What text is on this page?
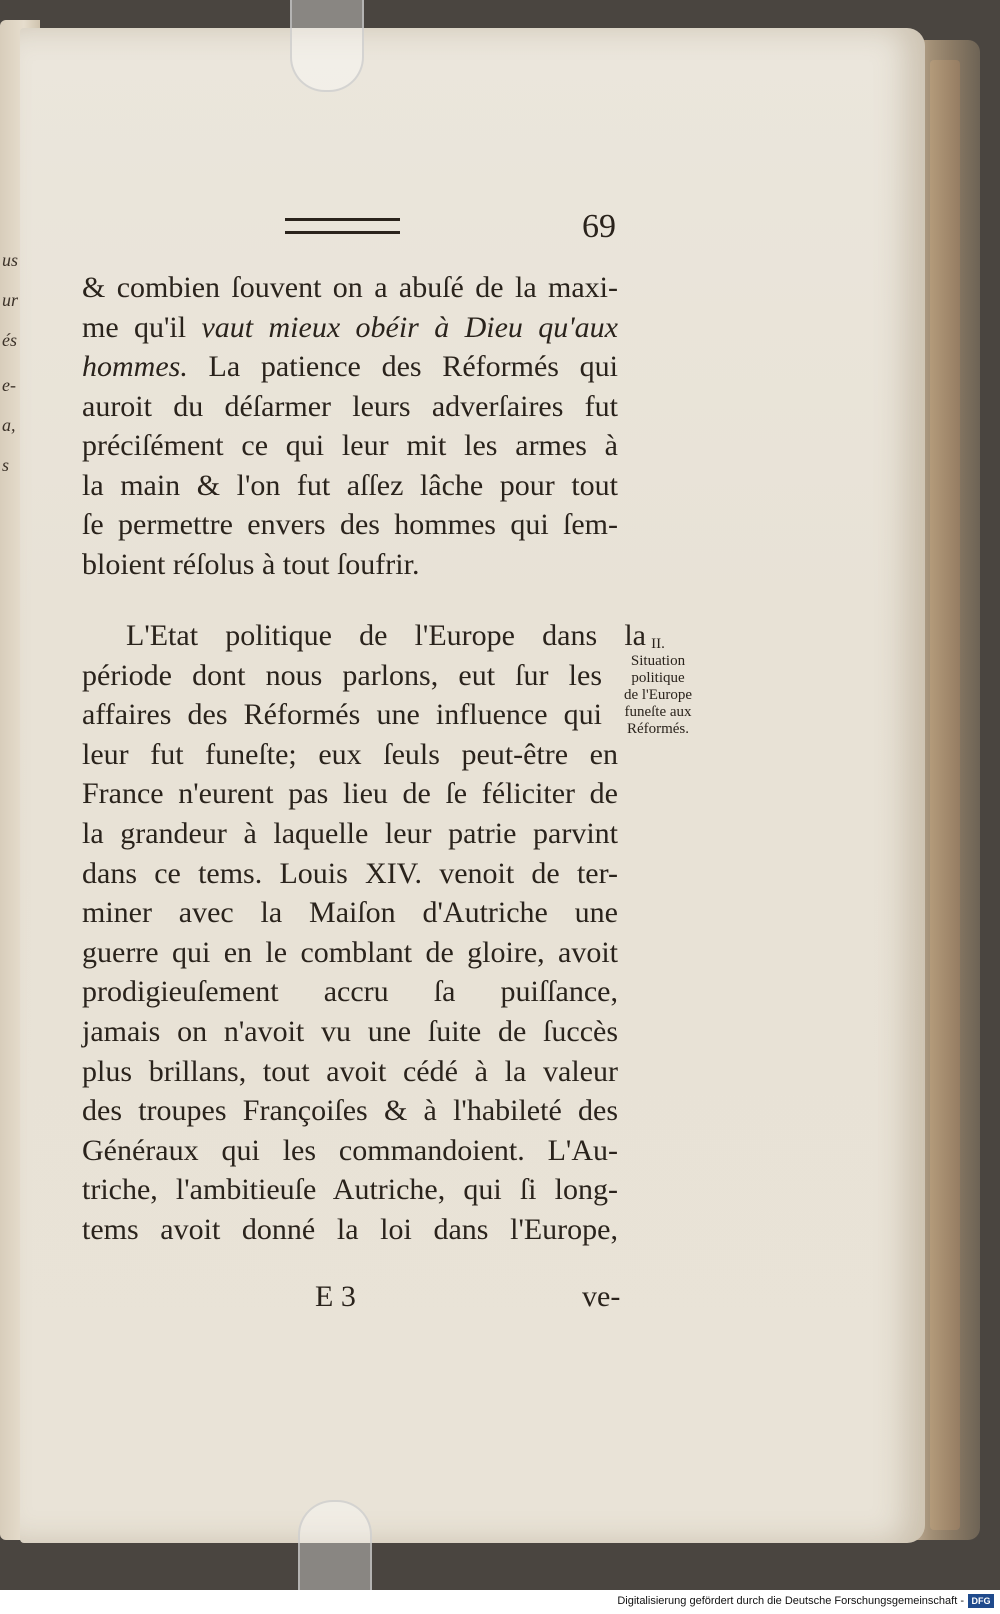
us
ur
és
e-
a,
s
69
& combien ſouvent on a abuſé de la maxi-
me qu'il vaut mieux obéir à Dieu qu'aux
hommes. La patience des Réformés qui
auroit du déſarmer leurs adverſaires fut
préciſément ce qui leur mit les armes à
la main & l'on fut aſſez lâche pour tout
ſe permettre envers des hommes qui ſem-
bloient réſolus à tout ſoufrir.
L'Etat politique de l'Europe dans la
période dont nous parlons, eut ſur les
affaires des Réformés une influence qui
leur fut funeſte; eux ſeuls peut-être en
France n'eurent pas lieu de ſe féliciter de
la grandeur à laquelle leur patrie parvint
dans ce tems. Louis XIV. venoit de ter-
miner avec la Maiſon d'Autriche une
guerre qui en le comblant de gloire, avoit
prodigieuſement accru ſa puiſſance,
jamais on n'avoit vu une ſuite de ſuccès
plus brillans, tout avoit cédé à la valeur
des troupes Françoiſes & à l'habileté des
Généraux qui les commandoient. L'Au-
triche, l'ambitieuſe Autriche, qui ſi long-
tems avoit donné la loi dans l'Europe,
II.
Situation
politique
de l'Europe
funeſte aux
Réformés.
E 3	ve-
Digitalisierung gefördert durch die Deutsche Forschungsgemeinschaft - DFG
